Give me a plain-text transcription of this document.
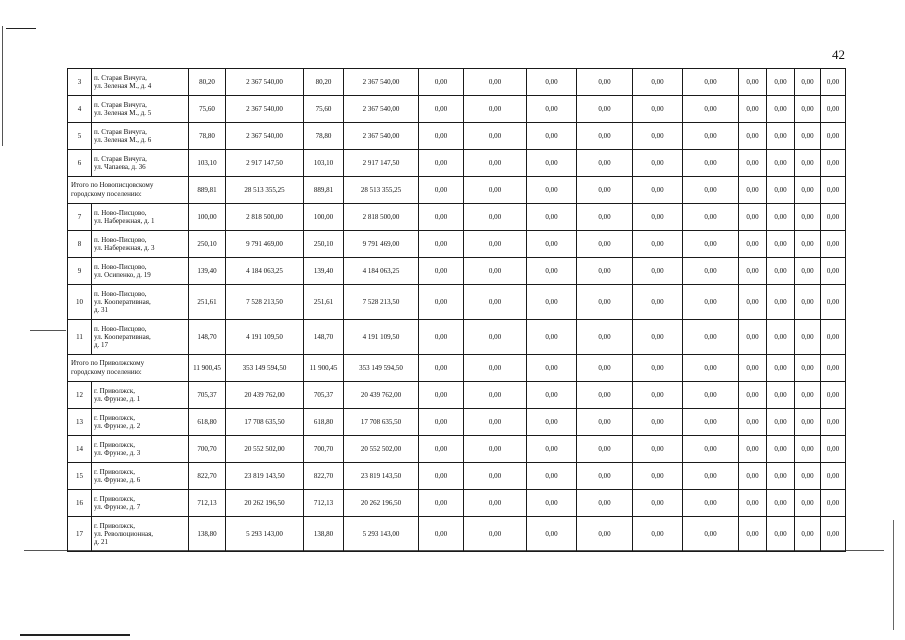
42
3	п. Старая Вичуга,
ул. Зеленая М., д. 4	80,20	2 367 540,00	80,20	2 367 540,00	0,00	0,00	0,00	0,00	0,00	0,00	0,00	0,00	0,00	0,00
4	п. Старая Вичуга,
ул. Зеленая М., д. 5	75,60	2 367 540,00	75,60	2 367 540,00	0,00	0,00	0,00	0,00	0,00	0,00	0,00	0,00	0,00	0,00
5	п. Старая Вичуга,
ул. Зеленая М., д. 6	78,80	2 367 540,00	78,80	2 367 540,00	0,00	0,00	0,00	0,00	0,00	0,00	0,00	0,00	0,00	0,00
6	п. Старая Вичуга,
ул. Чапаева, д. 36	103,10	2 917 147,50	103,10	2 917 147,50	0,00	0,00	0,00	0,00	0,00	0,00	0,00	0,00	0,00	0,00
Итого по Новописцовскому
городскому поселению:		889,81	28 513 355,25	889,81	28 513 355,25	0,00	0,00	0,00	0,00	0,00	0,00	0,00	0,00	0,00	0,00
7	п. Ново-Писцово,
ул. Набережная, д. 1	100,00	2 818 500,00	100,00	2 818 500,00	0,00	0,00	0,00	0,00	0,00	0,00	0,00	0,00	0,00	0,00
8	п. Ново-Писцово,
ул. Набережная, д. 3	250,10	9 791 469,00	250,10	9 791 469,00	0,00	0,00	0,00	0,00	0,00	0,00	0,00	0,00	0,00	0,00
9	п. Ново-Писцово,
ул. Осипенко, д. 19	139,40	4 184 063,25	139,40	4 184 063,25	0,00	0,00	0,00	0,00	0,00	0,00	0,00	0,00	0,00	0,00
10	п. Ново-Писцово,
ул. Кооперативная,
д. 31	251,61	7 528 213,50	251,61	7 528 213,50	0,00	0,00	0,00	0,00	0,00	0,00	0,00	0,00	0,00	0,00
11	п. Ново-Писцово,
ул. Кооперативная,
д. 17	148,70	4 191 109,50	148,70	4 191 109,50	0,00	0,00	0,00	0,00	0,00	0,00	0,00	0,00	0,00	0,00
Итого по Приволжскому
городскому поселению:		11 900,45	353 149 594,50	11 900,45	353 149 594,50	0,00	0,00	0,00	0,00	0,00	0,00	0,00	0,00	0,00	0,00
12	г. Приволжск,
ул. Фрунзе, д. 1	705,37	20 439 762,00	705,37	20 439 762,00	0,00	0,00	0,00	0,00	0,00	0,00	0,00	0,00	0,00	0,00
13	г. Приволжск,
ул. Фрунзе, д. 2	618,80	17 708 635,50	618,80	17 708 635,50	0,00	0,00	0,00	0,00	0,00	0,00	0,00	0,00	0,00	0,00
14	г. Приволжск,
ул. Фрунзе, д. 3	700,70	20 552 502,00	700,70	20 552 502,00	0,00	0,00	0,00	0,00	0,00	0,00	0,00	0,00	0,00	0,00
15	г. Приволжск,
ул. Фрунзе, д. 6	822,70	23 819 143,50	822,70	23 819 143,50	0,00	0,00	0,00	0,00	0,00	0,00	0,00	0,00	0,00	0,00
16	г. Приволжск,
ул. Фрунзе, д. 7	712,13	20 262 196,50	712,13	20 262 196,50	0,00	0,00	0,00	0,00	0,00	0,00	0,00	0,00	0,00	0,00
17	г. Приволжск,
ул. Революционная,
д. 21	138,80	5 293 143,00	138,80	5 293 143,00	0,00	0,00	0,00	0,00	0,00	0,00	0,00	0,00	0,00	0,00
